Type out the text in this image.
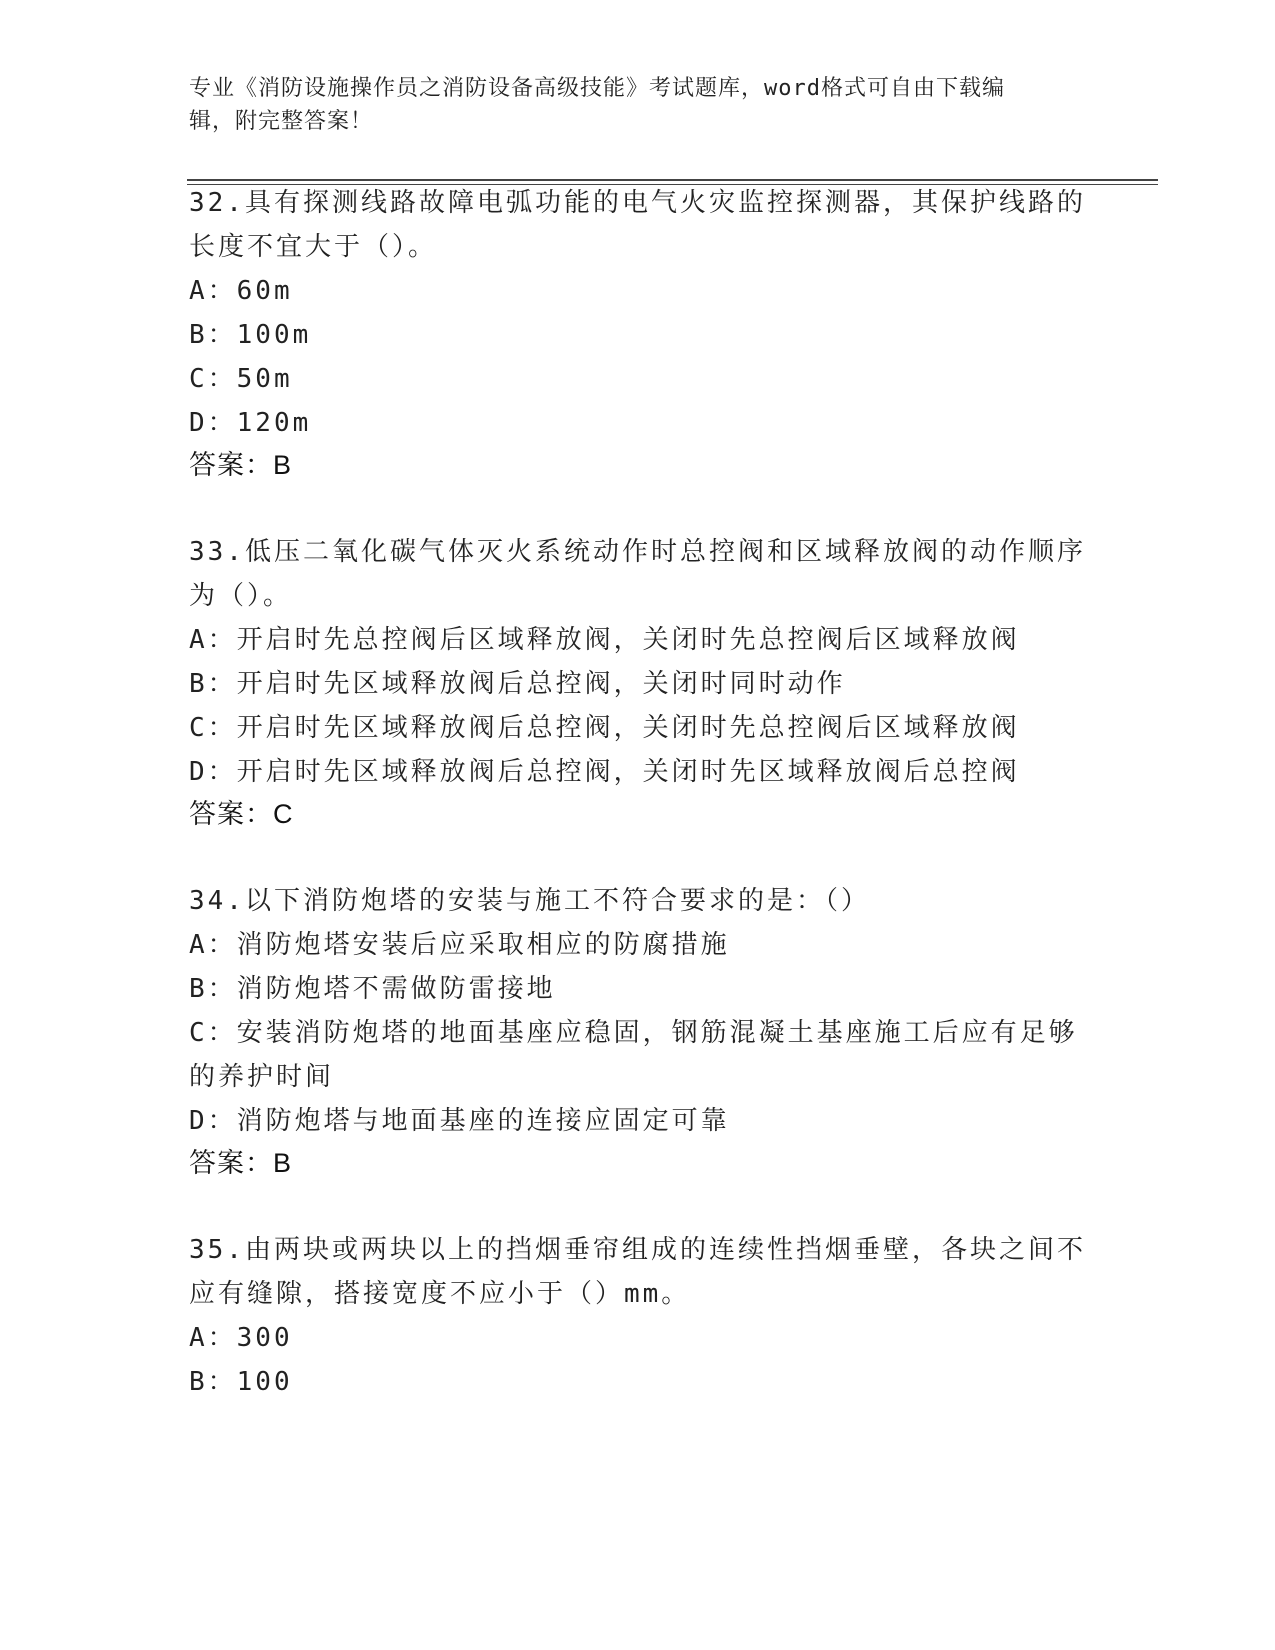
专业《消防设施操作员之消防设备高级技能》考试题库，word格式可自由下载编
辑，附完整答案！
32.具有探测线路故障电弧功能的电气火灾监控探测器，其保护线路的
长度不宜大于（）。
A：60m
B：100m
C：50m
D：120m
答案：B
33.低压二氧化碳气体灭火系统动作时总控阀和区域释放阀的动作顺序
为（）。
A：开启时先总控阀后区域释放阀，关闭时先总控阀后区域释放阀
B：开启时先区域释放阀后总控阀，关闭时同时动作
C：开启时先区域释放阀后总控阀，关闭时先总控阀后区域释放阀
D：开启时先区域释放阀后总控阀，关闭时先区域释放阀后总控阀
答案：C
34.以下消防炮塔的安装与施工不符合要求的是：（）
A：消防炮塔安装后应采取相应的防腐措施
B：消防炮塔不需做防雷接地
C：安装消防炮塔的地面基座应稳固，钢筋混凝土基座施工后应有足够
的养护时间
D：消防炮塔与地面基座的连接应固定可靠
答案：B
35.由两块或两块以上的挡烟垂帘组成的连续性挡烟垂壁，各块之间不
应有缝隙，搭接宽度不应小于（）mm。
A：300
B：100
